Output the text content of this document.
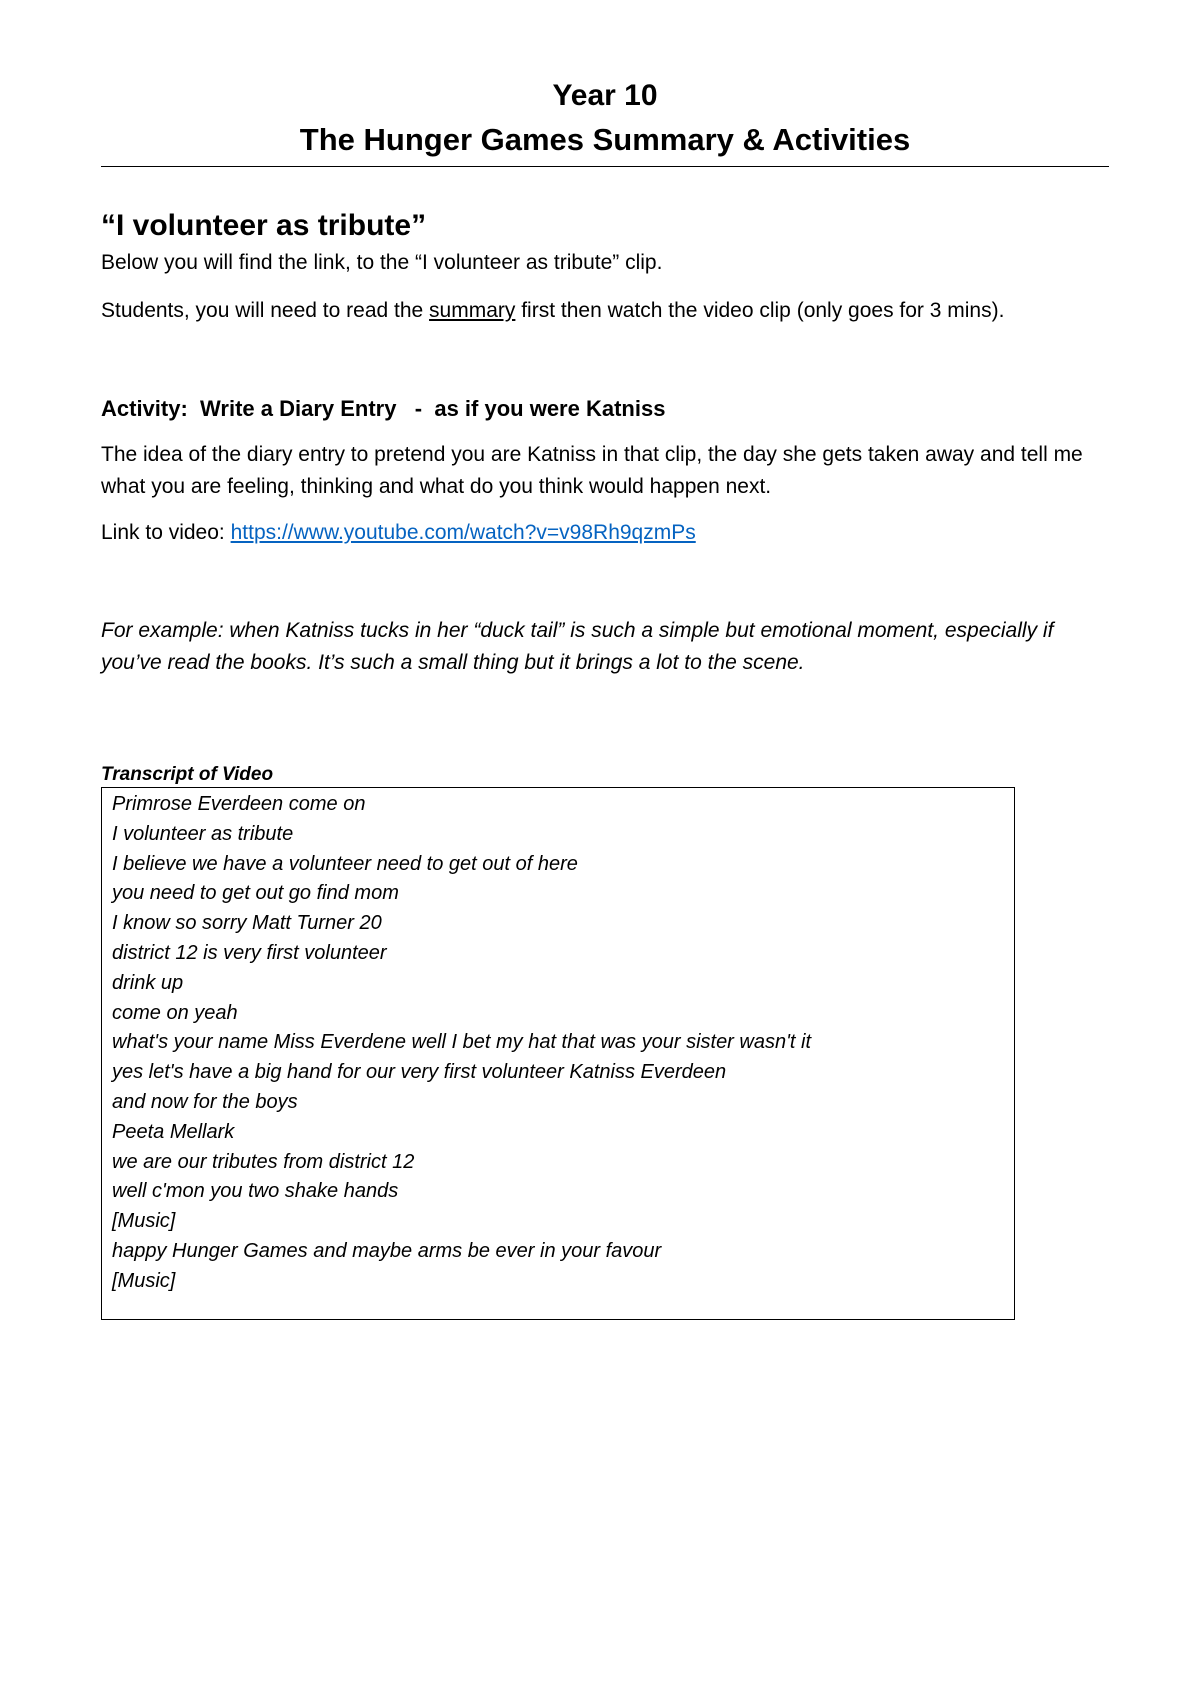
Year 10
The Hunger Games Summary & Activities
“I volunteer as tribute”

Below you will find the link, to the “I volunteer as tribute” clip.

Students, you will need to read the summary first then watch the video clip (only goes for 3 mins).

Activity:  Write a Diary Entry   -  as if you were Katniss

The idea of the diary entry to pretend you are Katniss in that clip, the day she gets taken away and tell me what you are feeling, thinking and what do you think would happen next.

Link to video: https://www.youtube.com/watch?v=v98Rh9qzmPs

For example: when Katniss tucks in her “duck tail” is such a simple but emotional moment, especially if you’ve read the books. It’s such a small thing but it brings a lot to the scene.

Transcript of Video

Primrose Everdeen come on

I volunteer as tribute

I believe we have a volunteer need to get out of here

you need to get out go find mom

I know so sorry Matt Turner 20

district 12 is very first volunteer

drink up

come on yeah

what's your name Miss Everdene well I bet my hat that was your sister wasn't it

yes let's have a big hand for our very first volunteer Katniss Everdeen

and now for the boys

Peeta Mellark

we are our tributes from district 12

well c'mon you two shake hands

[Music]

happy Hunger Games and maybe arms be ever in your favour

[Music]
